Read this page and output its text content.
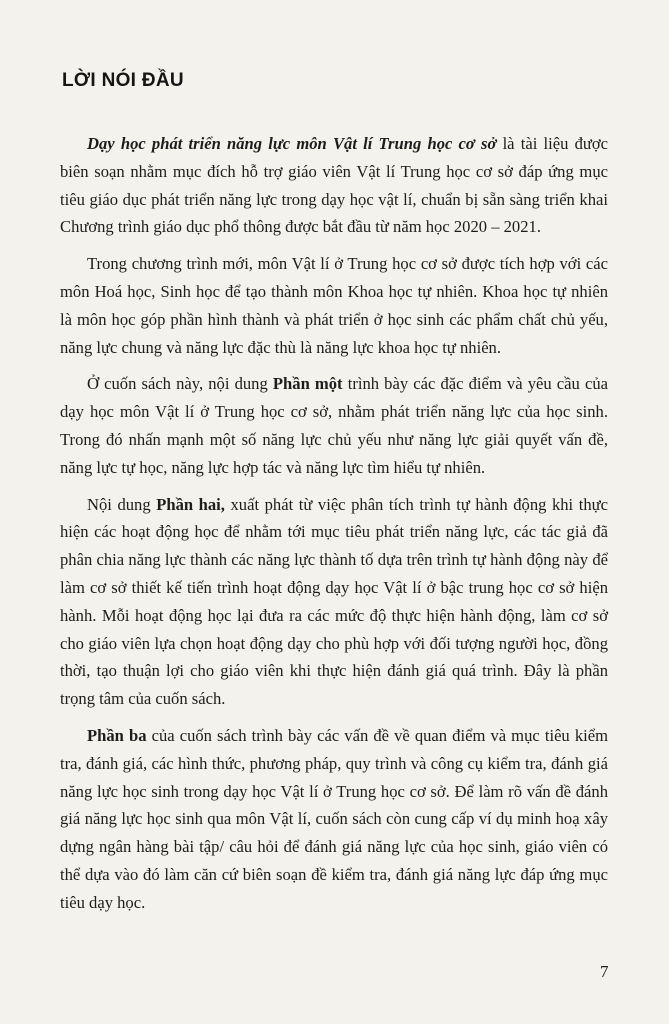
LỜI NÓI ĐẦU

Dạy học phát triển năng lực môn Vật lí Trung học cơ sở là tài liệu được biên soạn nhằm mục đích hỗ trợ giáo viên Vật lí Trung học cơ sở đáp ứng mục tiêu giáo dục phát triển năng lực trong dạy học vật lí, chuẩn bị sẵn sàng triển khai Chương trình giáo dục phổ thông được bắt đầu từ năm học 2020 – 2021.

Trong chương trình mới, môn Vật lí ở Trung học cơ sở được tích hợp với các môn Hoá học, Sinh học để tạo thành môn Khoa học tự nhiên. Khoa học tự nhiên là môn học góp phần hình thành và phát triển ở học sinh các phẩm chất chủ yếu, năng lực chung và năng lực đặc thù là năng lực khoa học tự nhiên.

Ở cuốn sách này, nội dung Phần một trình bày các đặc điểm và yêu cầu của dạy học môn Vật lí ở Trung học cơ sở, nhằm phát triển năng lực của học sinh. Trong đó nhấn mạnh một số năng lực chủ yếu như năng lực giải quyết vấn đề, năng lực tự học, năng lực hợp tác và năng lực tìm hiểu tự nhiên.

Nội dung Phần hai, xuất phát từ việc phân tích trình tự hành động khi thực hiện các hoạt động học để nhằm tới mục tiêu phát triển năng lực, các tác giả đã phân chia năng lực thành các năng lực thành tố dựa trên trình tự hành động này để làm cơ sở thiết kế tiến trình hoạt động dạy học Vật lí ở bậc trung học cơ sở hiện hành. Mỗi hoạt động học lại đưa ra các mức độ thực hiện hành động, làm cơ sở cho giáo viên lựa chọn hoạt động dạy cho phù hợp với đối tượng người học, đồng thời, tạo thuận lợi cho giáo viên khi thực hiện đánh giá quá trình. Đây là phần trọng tâm của cuốn sách.

Phần ba của cuốn sách trình bày các vấn đề về quan điểm và mục tiêu kiểm tra, đánh giá, các hình thức, phương pháp, quy trình và công cụ kiểm tra, đánh giá năng lực học sinh trong dạy học Vật lí ở Trung học cơ sở. Để làm rõ vấn đề đánh giá năng lực học sinh qua môn Vật lí, cuốn sách còn cung cấp ví dụ minh hoạ xây dựng ngân hàng bài tập/ câu hỏi để đánh giá năng lực của học sinh, giáo viên có thể dựa vào đó làm căn cứ biên soạn đề kiểm tra, đánh giá năng lực đáp ứng mục tiêu dạy học.

7
